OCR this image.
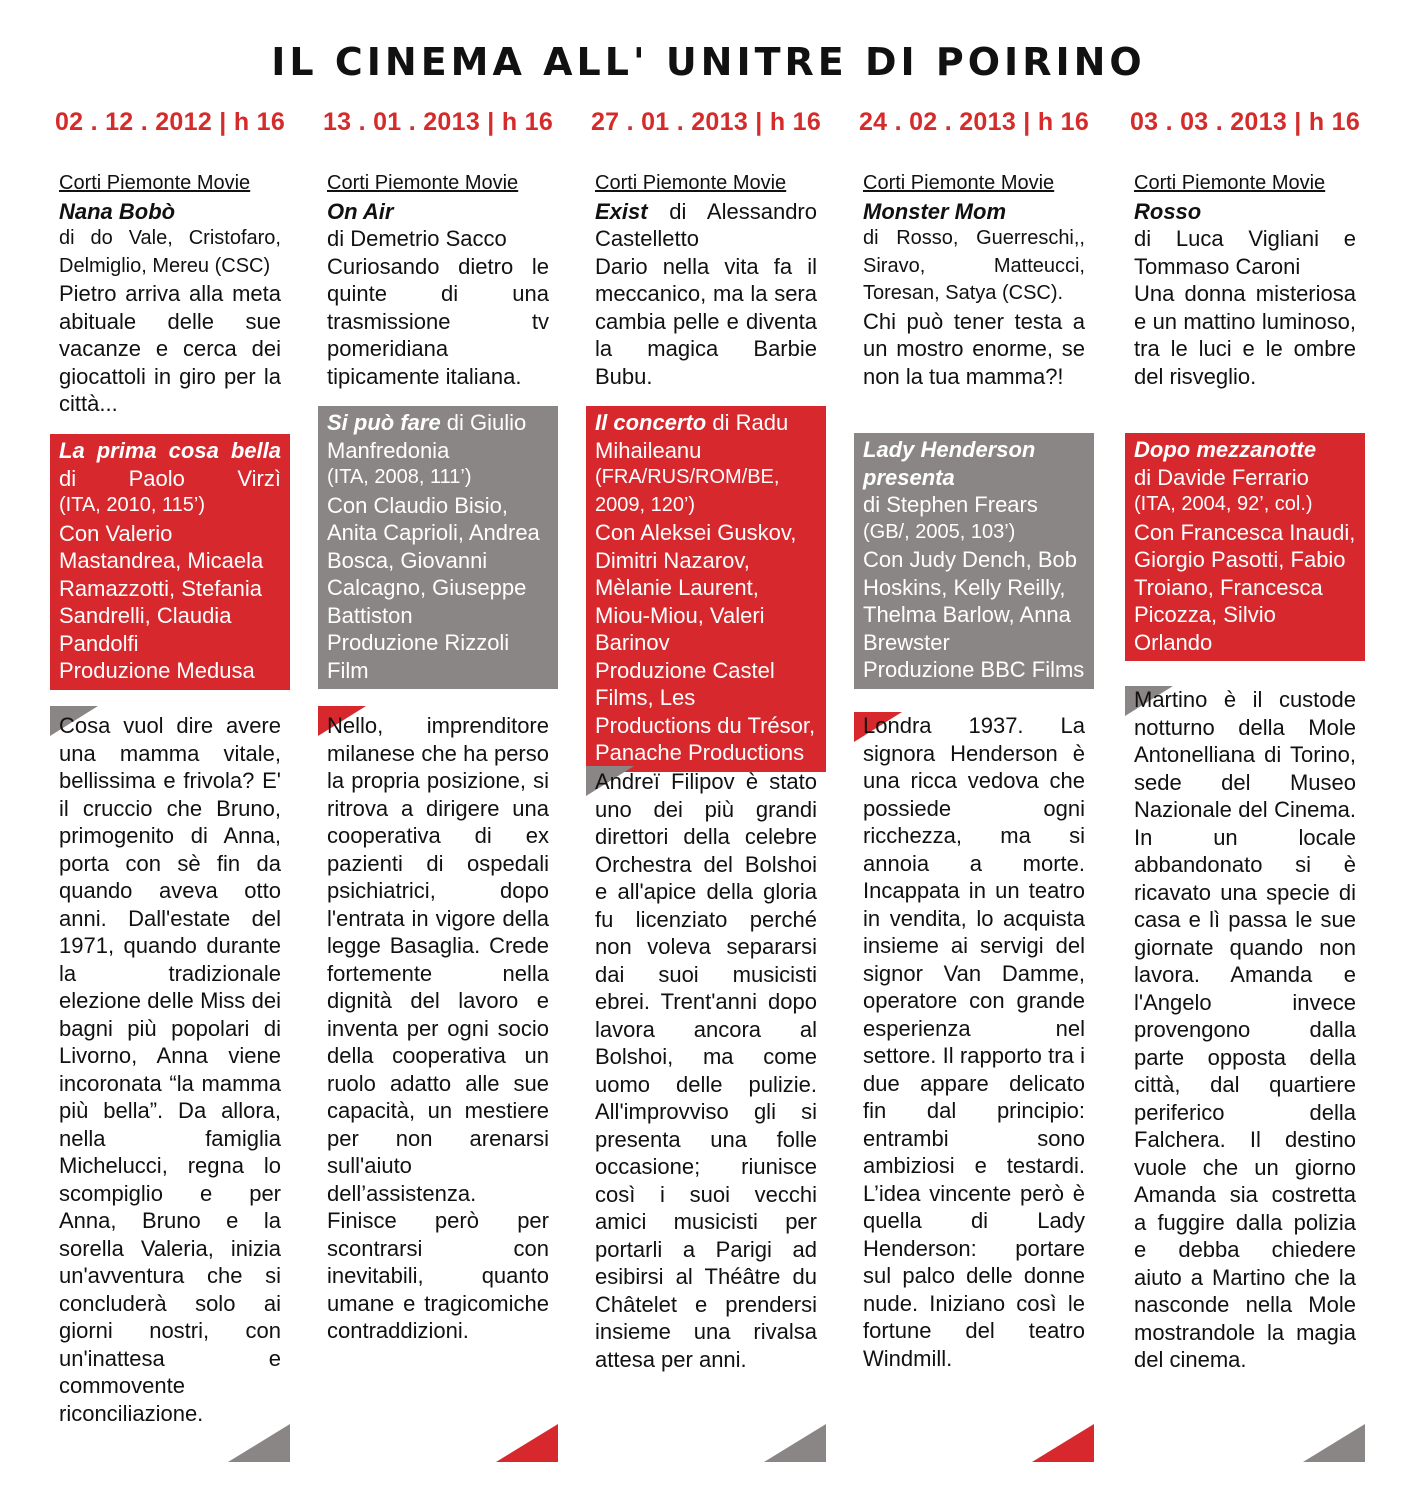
IL CINEMA ALL' UNITRE DI POIRINO
02 . 12 . 2012 | h 16

Corti Piemonte Movie

Nana Bobò

di do Vale, Cristofaro, Delmiglio, Mereu (CSC)

Pietro arriva alla meta abituale delle sue vacanze e cerca dei giocattoli in giro per la città...

La prima cosa bella di Paolo Virzì

(ITA, 2010, 115’)

Con Valerio Mastandrea, Micaela Ramazzotti, Stefania Sandrelli, Claudia Pandolfi

Produzione Medusa

Cosa vuol dire avere una mamma vitale, bellissima e frivola? E' il cruccio che Bruno, primogenito di Anna, porta con sè fin da quando aveva otto anni. Dall'estate del 1971, quando durante la tradizionale elezione delle Miss dei bagni più popolari di Livorno, Anna viene incoronata “la mamma più bella”. Da allora, nella famiglia Michelucci, regna lo scompiglio e per Anna, Bruno e la sorella Valeria, inizia un'avventura che si concluderà solo ai giorni nostri, con un'inattesa e commovente riconciliazione.

13 . 01 . 2013 | h 16

Corti Piemonte Movie

On Air

di Demetrio Sacco

Curiosando dietro le quinte di una trasmissione tv pomeridiana tipicamente italiana.

Si può fare di Giulio Manfredonia

(ITA, 2008, 111’)

Con Claudio Bisio, Anita Caprioli, Andrea Bosca, Giovanni Calcagno, Giuseppe Battiston

Produzione Rizzoli Film

Nello, imprenditore milanese che ha perso la propria posizione, si ritrova a dirigere una cooperativa di ex pazienti di ospedali psichiatrici, dopo l'entrata in vigore della legge Basaglia. Crede fortemente nella dignità del lavoro e inventa per ogni socio della cooperativa un ruolo adatto alle sue capacità, un mestiere per non arenarsi sull'aiuto dell’assistenza. Finisce però per scontrarsi con inevitabili, quanto umane e tragicomiche contraddizioni.

27 . 01 . 2013 | h 16

Corti Piemonte Movie

Exist di Alessandro Castelletto

Dario nella vita fa il meccanico, ma la sera cambia pelle e diventa la magica Barbie Bubu.

Il concerto di Radu Mihaileanu

(FRA/RUS/ROM/BE, 2009, 120’)

Con Aleksei Guskov, Dimitri Nazarov, Mèlanie Laurent, Miou-Miou, Valeri Barinov

Produzione Castel Films, Les Productions du Trésor, Panache Productions

Andreï Filipov è stato uno dei più grandi direttori della celebre Orchestra del Bolshoi e all'apice della gloria fu licenziato perché non voleva separarsi dai suoi musicisti ebrei. Trent'anni dopo lavora ancora al Bolshoi, ma come uomo delle pulizie. All'improvviso gli si presenta una folle occasione; riunisce così i suoi vecchi amici musicisti per portarli a Parigi ad esibirsi al Théâtre du Châtelet e prendersi insieme una rivalsa attesa per anni.

24 . 02 . 2013 | h 16

Corti Piemonte Movie

Monster Mom

di Rosso, Guerreschi,, Siravo, Matteucci, Toresan, Satya (CSC).

Chi può tener testa a un mostro enorme, se non la tua mamma?!

Lady Henderson presenta

di Stephen Frears

(GB/, 2005, 103’)

Con Judy Dench, Bob Hoskins, Kelly Reilly, Thelma Barlow, Anna Brewster

Produzione BBC Films

Londra 1937. La signora Henderson è una ricca vedova che possiede ogni ricchezza, ma si annoia a morte. Incappata in un teatro in vendita, lo acquista insieme ai servigi del signor Van Damme, operatore con grande esperienza nel settore. Il rapporto tra i due appare delicato fin dal principio: entrambi sono ambiziosi e testardi. L’idea vincente però è quella di Lady Henderson: portare sul palco delle donne nude. Iniziano così le fortune del teatro Windmill.

03 . 03 . 2013 | h 16

Corti Piemonte Movie

Rosso

di Luca Vigliani e Tommaso Caroni

Una donna misteriosa e un mattino luminoso, tra le luci e le ombre del risveglio.

Dopo mezzanotte

di Davide Ferrario

(ITA, 2004, 92’, col.)

Con Francesca Inaudi, Giorgio Pasotti, Fabio Troiano, Francesca Picozza, Silvio Orlando

Martino è il custode notturno della Mole Antonelliana di Torino, sede del Museo Nazionale del Cinema. In un locale abbandonato si è ricavato una specie di casa e lì passa le sue giornate quando non lavora. Amanda e l'Angelo invece provengono dalla parte opposta della città, dal quartiere periferico della Falchera. Il destino vuole che un giorno Amanda sia costretta a fuggire dalla polizia e debba chiedere aiuto a Martino che la nasconde nella Mole mostrandole la magia del cinema.
